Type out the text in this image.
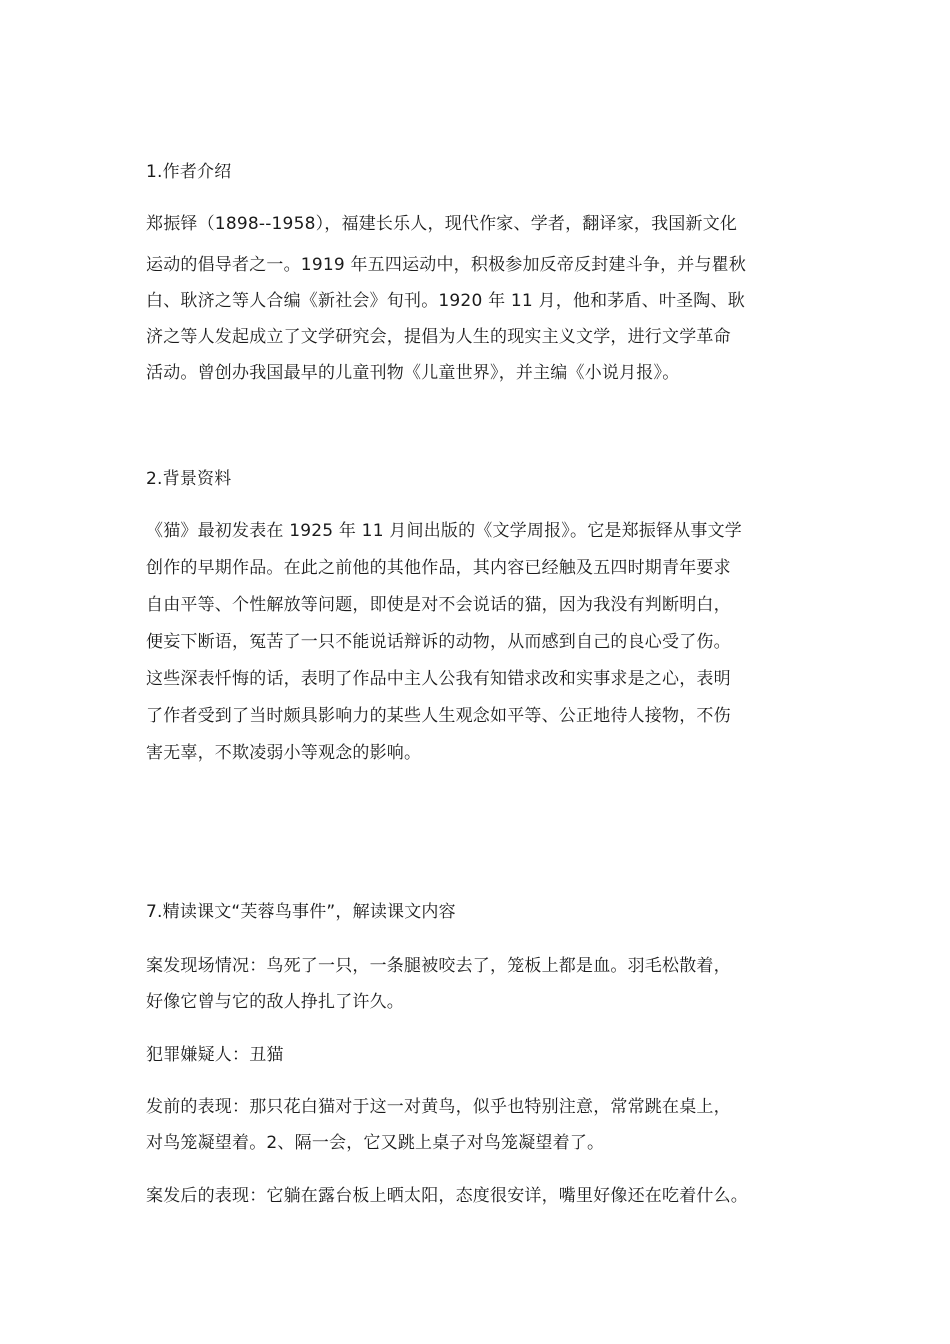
1.作者介绍
郑振铎（1898--1958），福建长乐人，现代作家、学者，翻译家，我国新文化
运动的倡导者之一。1919 年五四运动中，积极参加反帝反封建斗争，并与瞿秋
白、耿济之等人合编《新社会》旬刊。1920 年 11 月，他和茅盾、叶圣陶、耿
济之等人发起成立了文学研究会，提倡为人生的现实主义文学，进行文学革命
活动。曾创办我国最早的儿童刊物《儿童世界》，并主编《小说月报》。
2.背景资料
《猫》最初发表在 1925 年 11 月间出版的《文学周报》。它是郑振铎从事文学
创作的早期作品。在此之前他的其他作品，其内容已经触及五四时期青年要求
自由平等、个性解放等问题，即使是对不会说话的猫，因为我没有判断明白，
便妄下断语，冤苦了一只不能说话辩诉的动物，从而感到自己的良心受了伤。
这些深表忏悔的话，表明了作品中主人公我有知错求改和实事求是之心，表明
了作者受到了当时颇具影响力的某些人生观念如平等、公正地待人接物，不伤
害无辜，不欺凌弱小等观念的影响。
7.精读课文“芙蓉鸟事件”，解读课文内容
案发现场情况：鸟死了一只，一条腿被咬去了，笼板上都是血。羽毛松散着，
好像它曾与它的敌人挣扎了许久。
犯罪嫌疑人：丑猫
发前的表现：那只花白猫对于这一对黄鸟，似乎也特别注意，常常跳在桌上，
对鸟笼凝望着。2、隔一会，它又跳上桌子对鸟笼凝望着了。
案发后的表现：它躺在露台板上晒太阳，态度很安详，嘴里好像还在吃着什么。
